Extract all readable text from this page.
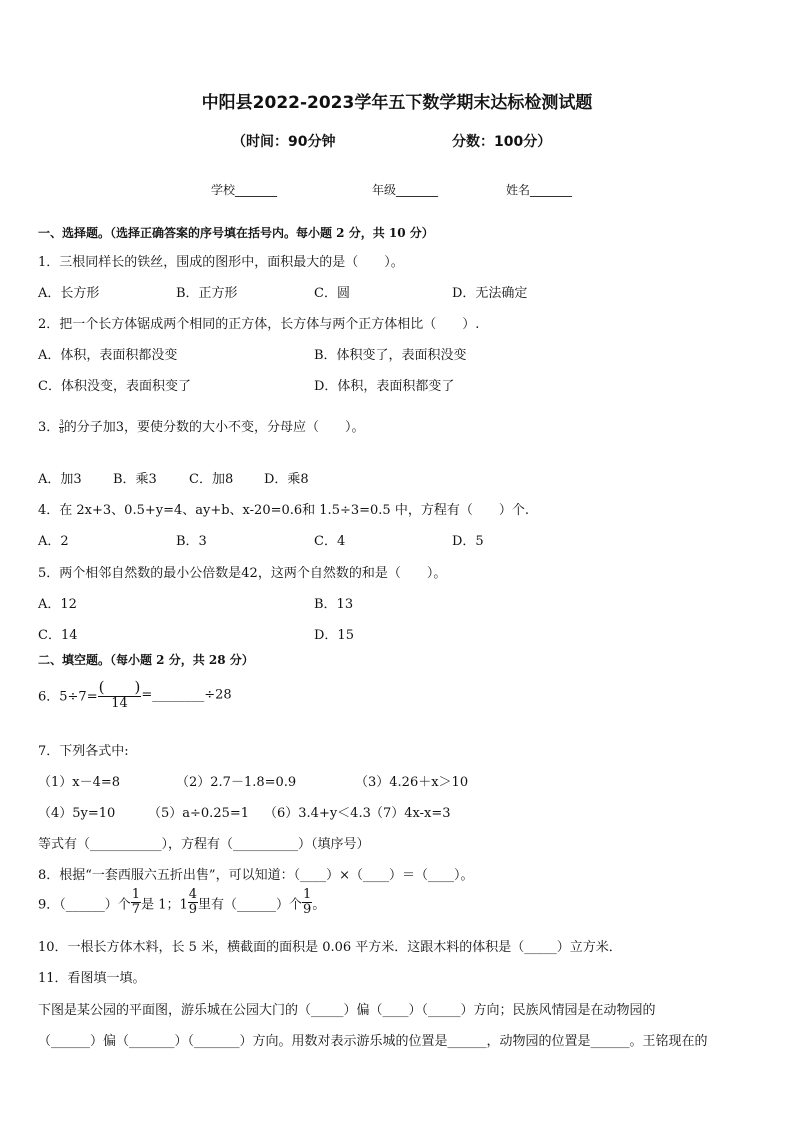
中阳县2022-2023学年五下数学期末达标检测试题
（时间：90分钟	分数：100分）
学校_______	年级_______	姓名_______
一、选择题。（选择正确答案的序号填在括号内。每小题 2 分，共 10 分）
1．三根同样长的铁丝，围成的图形中，面积最大的是（　　）。
A．长方形	B．正方形	C．圆	D．无法确定
2．把一个长方体锯成两个相同的正方体，长方体与两个正方体相比（　　）.
A．体积，表面积都没变	B．体积变了，表面积没变
C．体积没变，表面积变了	D．体积，表面积都变了
3． $\frac{3}{8}$ 的分子加3，要使分数的大小不变，分母应（　　）。
A．加3 B．乘3 C．加8 D．乘8
4．在 2x+3、0.5+y=4、ay+b、x-20=0.6和 1.5÷3=0.5 中，方程有（　　）个.
A．2	B．3	C．4	D．5
5．两个相邻自然数的最小公倍数是42，这两个自然数的和是（　　）。
A．12	B．13
C．14	D．15
二、填空题。（每小题 2 分，共 28 分）
6．$5\div 7= \frac{( )}{14}$ =________÷28
7．下列各式中:
（1）x－4=8	（2）2.7－1.8=0.9	（3）4.26＋x＞10
（4）5y=10	（5）a÷0.25=1 （6）3.4+y＜4.3 （7）4x-x=3
等式有（___________），方程有（__________）（填序号）
8．根据“一套西服六五折出售”，可以知道：（____）×（____）＝（____）。
9．（______）个 $\frac{1}{7}$ 是 1；$1 \frac{4}{9}$ 里有（______）个 $\frac{1}{9}$ 。
10．一根长方体木料，长 5 米，横截面的面积是 0.06 平方米．这跟木料的体积是（_____）立方米．
11．看图填一填。
下图是某公园的平面图，游乐城在公园大门的（_____）偏（____）（_____）方向；民族风情园是在动物园的
（______）偏（_______）（_______）方向。用数对表示游乐城的位置是______，动物园的位置是______。王铭现在的
